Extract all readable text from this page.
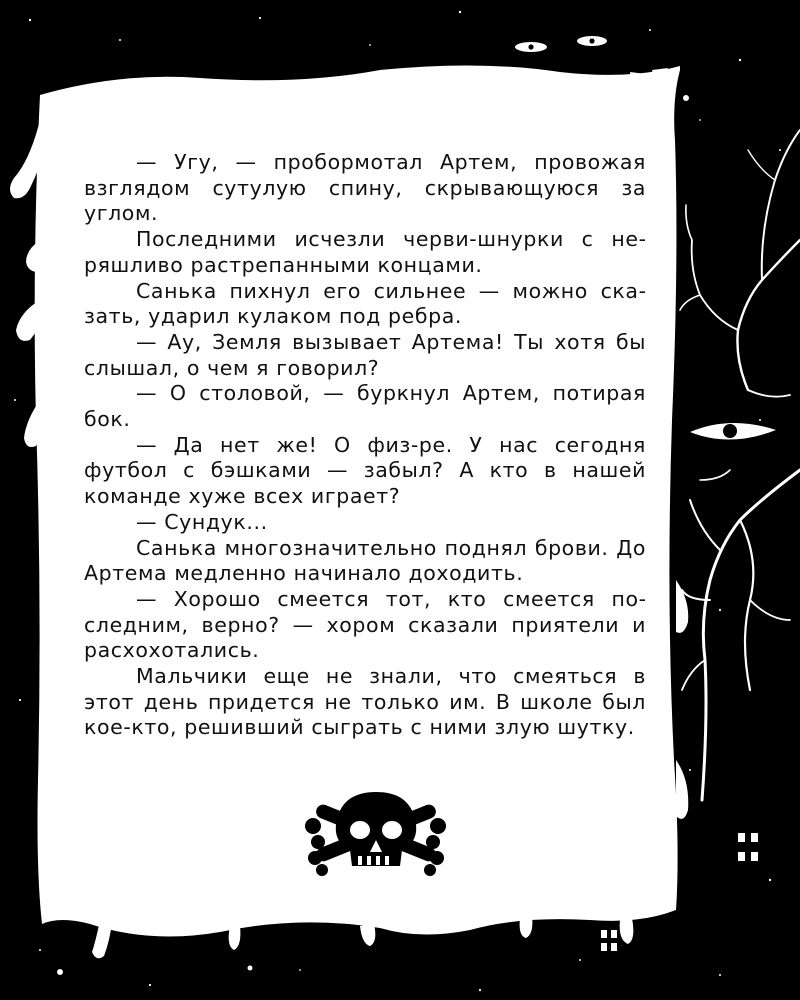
— Угу, — пробормотал Артем, провожая взглядом сутулую спину, скрывающуюся за углом.

Последними исчезли черви-шнурки с неряшливо растрепанными концами.

Санька пихнул его сильнее — можно сказать, ударил кулаком под ребра.

— Ау, Земля вызывает Артема! Ты хотя бы слышал, о чем я говорил?

— О столовой, — буркнул Артем, потирая бок.

— Да нет же! О физ-ре. У нас сегодня футбол с бэшками — забыл? А кто в нашей команде хуже всех играет?

— Сундук...

Санька многозначительно поднял брови. До Артема медленно начинало доходить.

— Хорошо смеется тот, кто смеется последним, верно? — хором сказали приятели и расхохотались.

Мальчики еще не знали, что смеяться в этот день придется не только им. В школе был кое-кто, решивший сыграть с ними злую шутку.
